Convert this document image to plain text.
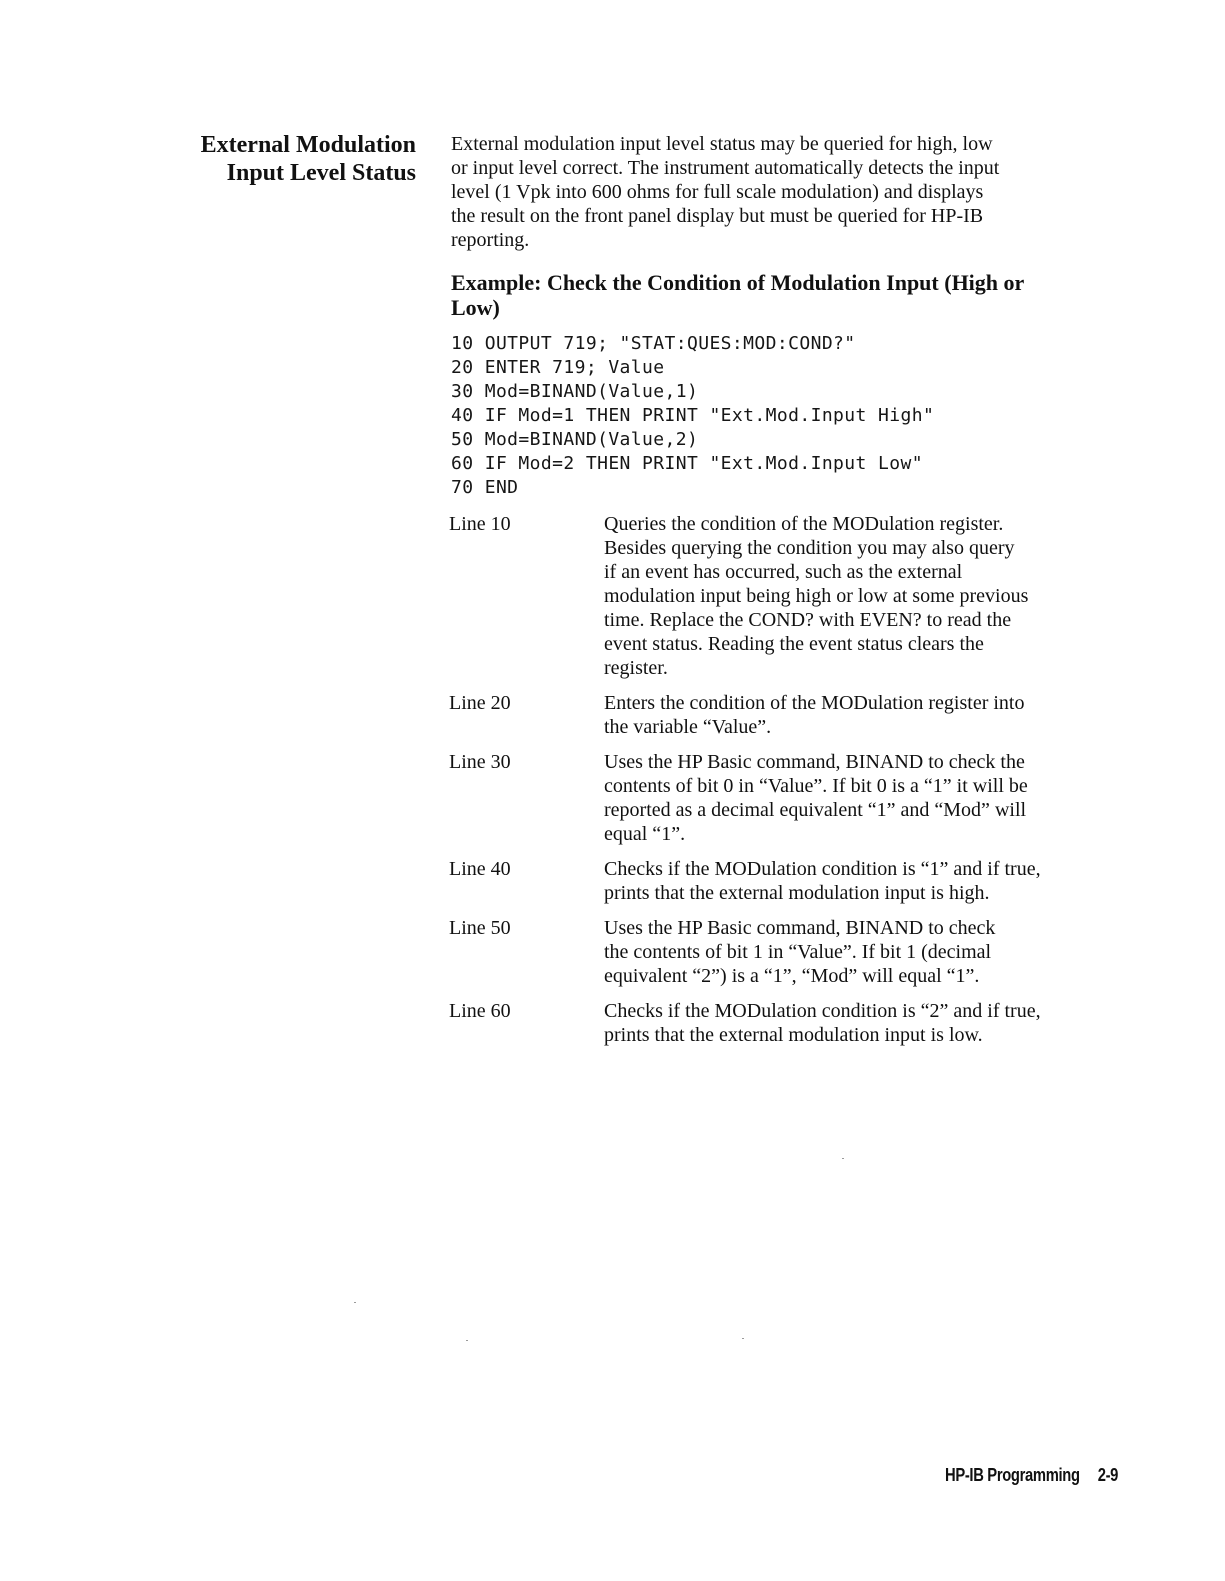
External Modulation
Input Level Status

External modulation input level status may be queried for high, low
or input level correct. The instrument automatically detects the input
level (1 Vpk into 600 ohms for full scale modulation) and displays
the result on the front panel display but must be queried for HP-IB
reporting.

Example: Check the Condition of Modulation Input (High or
Low)
10 OUTPUT 719; "STAT:QUES:MOD:COND?"
20 ENTER 719; Value
30 Mod=BINAND(Value,1)
40 IF Mod=1 THEN PRINT "Ext.Mod.Input High"
50 Mod=BINAND(Value,2)
60 IF Mod=2 THEN PRINT "Ext.Mod.Input Low"
70 END
Line 10	Queries the condition of the MODulation register.
Besides querying the condition you may also query
if an event has occurred, such as the external
modulation input being high or low at some previous
time. Replace the COND? with EVEN? to read the
event status. Reading the event status clears the
register.
Line 20	Enters the condition of the MODulation register into
the variable “Value”.
Line 30	Uses the HP Basic command, BINAND to check the
contents of bit 0 in “Value”. If bit 0 is a “1” it will be
reported as a decimal equivalent “1” and “Mod” will
equal “1”.
Line 40	Checks if the MODulation condition is “1” and if true,
prints that the external modulation input is high.
Line 50	Uses the HP Basic command, BINAND to check
the contents of bit 1 in “Value”. If bit 1 (decimal
equivalent “2”) is a “1”, “Mod” will equal “1”.
Line 60	Checks if the MODulation condition is “2” and if true,
prints that the external modulation input is low.
HP-IB Programming 2-9
